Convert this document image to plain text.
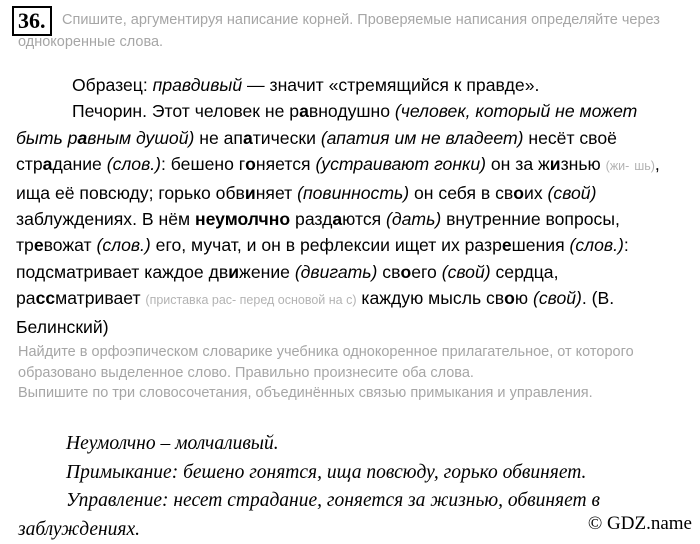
36.	Спишите, аргументируя написание корней. Проверяемые написания определяйте через однокоренные слова.

Образец: правдивый — значит «стремящийся к правде».

Печорин. Этот человек не равнодушно (человек, который не может быть равным душой) не апатически (апатия им не владеет) несёт своё страдание (слов.): бешено гоняется (устраивают гонки) он за жизнью (жи- шь), ища её повсюду; горько обвиняет (повинность) он себя в своих (свой) заблуждениях. В нём неумолчно раздаются (дать) внутренние вопросы, тревожат (слов.) его, мучат, и он в рефлексии ищет их разрешения (слов.): подсматривает каждое движение (двигать) своего (свой) сердца, рассматривает (приставка рас- перед основой на с) каждую мысль свою (свой). (В. Белинский)

Найдите в орфоэпическом словарике учебника однокоренное прилагательное, от которого образовано выделенное слово. Правильно произнесите оба слова.
Выпишите по три словосочетания, объединённых связью примыкания и управления.

Неумолчно – молчаливый.

Примыкание: бешено гонятся, ища повсюду, горько обвиняет.

Управление: несет страдание, гоняется за жизнью, обвиняет в

заблуждениях.	© GDZ.name
